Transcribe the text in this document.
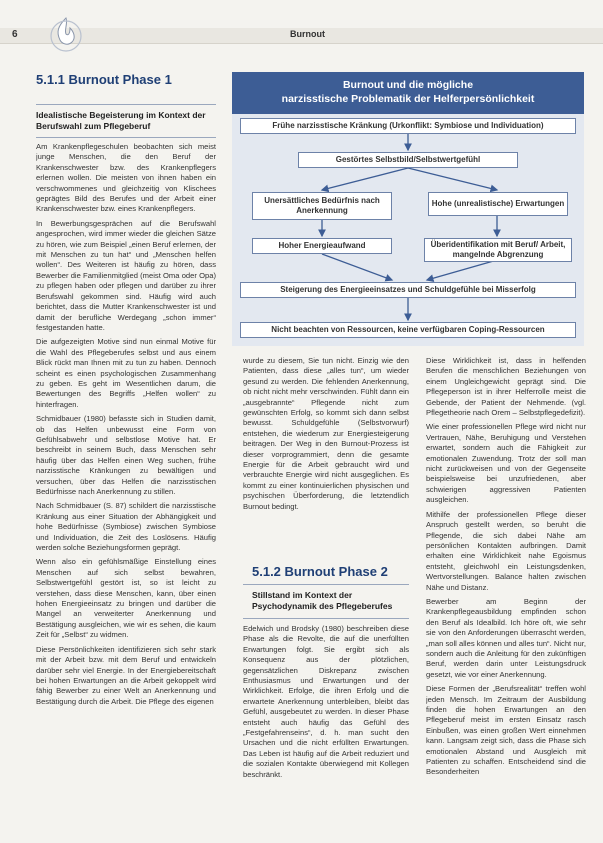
6	Burnout
5.1.1 Burnout Phase 1
Idealistische Begeisterung im Kontext der Berufswahl zum Pflegeberuf

Am Krankenpflegeschulen beobachten sich meist junge Menschen, die den Beruf der Krankenschwester bzw. des Krankenpflegers erlernen wollen. Die meisten von ihnen haben ein verschwommenes und gleichzeitig von Klischees geprägtes Bild des Berufes und der Arbeit einer Krankenschwester bzw. eines Krankenpflegers.

In Bewerbungsgesprächen auf die Berufswahl angesprochen, wird immer wieder die gleichen Sätze zu hören, wie zum Beispiel „einen Beruf erlernen, der mit Menschen zu tun hat“ und „Menschen helfen wollen“. Des Weiteren ist häufig zu hören, dass Bewerber die Familienmitglied (meist Oma oder Opa) zu pflegen haben oder pflegen und darüber zu ihrer Berufswahl gekommen sind. Häufig wird auch berichtet, dass die Mutter Krankenschwester ist und damit der berufliche Werdegang „schon immer“ festgestanden hatte.

Die aufgezeigten Motive sind nun einmal Motive für die Wahl des Pflegeberufes selbst und aus einem Blick rückt man Ihnen mit zu tun zu haben. Dennoch scheint es einen psychologischen Zusammenhang zu geben. Es geht im Wesentlichen darum, die Bewertungen des Begriffs „Helfen wollen“ zu hinterfragen.

Schmidbauer (1980) befasste sich in Studien damit, ob das Helfen unbewusst eine Form von Gefühlsabwehr und selbstlose Motive hat. Er beschreibt in seinem Buch, dass Menschen sehr häufig über das Helfen einen Weg suchen, frühe narzisstische Kränkungen zu bewältigen und versuchen, über das Helfen die narzisstischen Bedürfnisse nach Anerkennung zu stillen.

Nach Schmidbauer (S. 87) schildert die narzisstische Kränkung aus einer Situation der Abhängigkeit und hohe Bedürfnisse (Symbiose) zwischen Symbiose und Individuation, die Zeit des Loslösens. Häufig werden solche Beziehungsformen geprägt.

Wenn also ein gefühlsmäßige Einstellung eines Menschen auf sich selbst bewahren, Selbstwertgefühl gestört ist, so ist leicht zu verstehen, dass diese Menschen, kann, über einen hohen Energieeinsatz zu bringen und darüber die Mangel an verweiterter Anerkennung und Bestätigung ausgleichen, wie wir es sehen, die kaum Zeit für „Selbst“ zu widmen.

Diese Persönlichkeiten identifizieren sich sehr stark mit der Arbeit bzw. mit dem Beruf und entwickeln darüber sehr viel Energie. In der Energiebereitschaft bei hohen Erwartungen an die Arbeit gekoppelt wird fähig Bewerber zu einer Welt an Anerkennung und Bestätigung durch die Arbeit. Die Pflege des eigenen

Burnout und die mögliche
narzisstische Problematik der Helferpersönlichkeit
Frühe narzisstische Kränkung (Urkonflikt: Symbiose und Individuation)
Gestörtes Selbstbild/Selbstwertgefühl
Unersättliches Bedürfnis nach Anerkennung
Hohe (unrealistische) Erwartungen
Hoher Energieaufwand	Überidentifikation mit Beruf/ Arbeit, mangelnde Abgrenzung
Steigerung des Energieeinsatzes und Schuldgefühle bei Misserfolg
Nicht beachten von Ressourcen, keine verfügbaren Coping-Ressourcen

wurde zu diesem, Sie tun nicht. Einzig wie den Patienten, dass diese „alles tun“, um wieder gesund zu werden. Die fehlenden Anerkennung, ob nicht nicht mehr verschwinden. Fühlt dann ein „ausgebrannte“ Pflegende nicht zum gewünschten Erfolg, so kommt sich dann selbst bewusst. Schuldgefühle (Selbstvorwurf) entstehen, die wiederum zur Energiesteigerung beitragen. Der Weg in den Burnout-Prozess ist dieser vorprogrammiert, denn die gesamte Energie für die Arbeit gebraucht wird und verbrauchte Energie wird nicht ausgeglichen. Es kommt zu einer kontinuierlichen physischen und psychischen Überforderung, die letztendlich Burnout bedingt.

5.1.2 Burnout Phase 2
Stillstand im Kontext der Psychodynamik des Pflegeberufes

Edelwich und Brodsky (1980) beschreiben diese Phase als die Revolte, die auf die unerfüllten Erwartungen folgt. Sie ergibt sich als Konsequenz aus der plötzlichen, gegensätzlichen Diskrepanz zwischen Enthusiasmus und Erwartungen und der Wirklichkeit. Erfolge, die ihren Erfolg und die erwartete Anerkennung unterbleiben, bleibt das Gefühl, ausgebeutet zu werden. In dieser Phase entsteht auch häufig das Gefühl des „Festgefahrenseins“, d. h. man sucht den Ursachen und die nicht erfüllten Erwartungen. Das Leben ist häufig auf die Arbeit reduziert und die sozialen Kontakte überwiegend mit Kollegen beschränkt.

Diese Wirklichkeit ist, dass in helfenden Berufen die menschlichen Beziehungen von einem Ungleichgewicht geprägt sind. Die Pflegeperson ist in ihrer Helferrolle meist die Gebende, der Patient der Nehmende. (vgl. Pflegetheorie nach Orem – Selbstpflegedefizit).

Wie einer professionellen Pflege wird nicht nur Vertrauen, Nähe, Beruhigung und Verstehen erwartet, sondern auch die Fähigkeit zur emotionalen Zuwendung. Trotz der soll man nicht zurückweisen und von der Gegenseite beispielsweise bei unzufriedenen, aber schwierigen aggressiven Patienten ausgleichen.

Mithilfe der professionellen Pflege dieser Anspruch gestellt werden, so beruht die Pflegende, die sich dabei Nähe am persönlichen Kontakten aufbringen. Damit erhalten eine Wirklichkeit nahe Egoismus entsteht, gleichwohl ein Leistungsdenken, Wertvorstellungen. Balance halten zwischen Nähe und Distanz.

Bewerber am Beginn der Krankenpflegeausbildung empfinden schon den Beruf als Idealbild. Ich höre oft, wie sehr sie von den Anforderungen überrascht werden, „man soll alles können und alles tun“. Nicht nur, sondern auch die Anleitung für den zukünftigen Beruf, werden darin unter Leistungsdruck gesetzt, wie vor einer Anerkennung.

Diese Formen der „Berufsrealität“ treffen wohl jeden Mensch. Im Zeitraum der Ausbildung finden die hohen Erwartungen an den Pflegeberuf meist im ersten Einsatz rasch Einbußen, was einen großen Wert einnehmen kann. Langsam zeigt sich, dass die Phase sich emotionalen Abstand und Ausgleich mit Patienten zu schaffen. Entscheidend sind die Besonderheiten
